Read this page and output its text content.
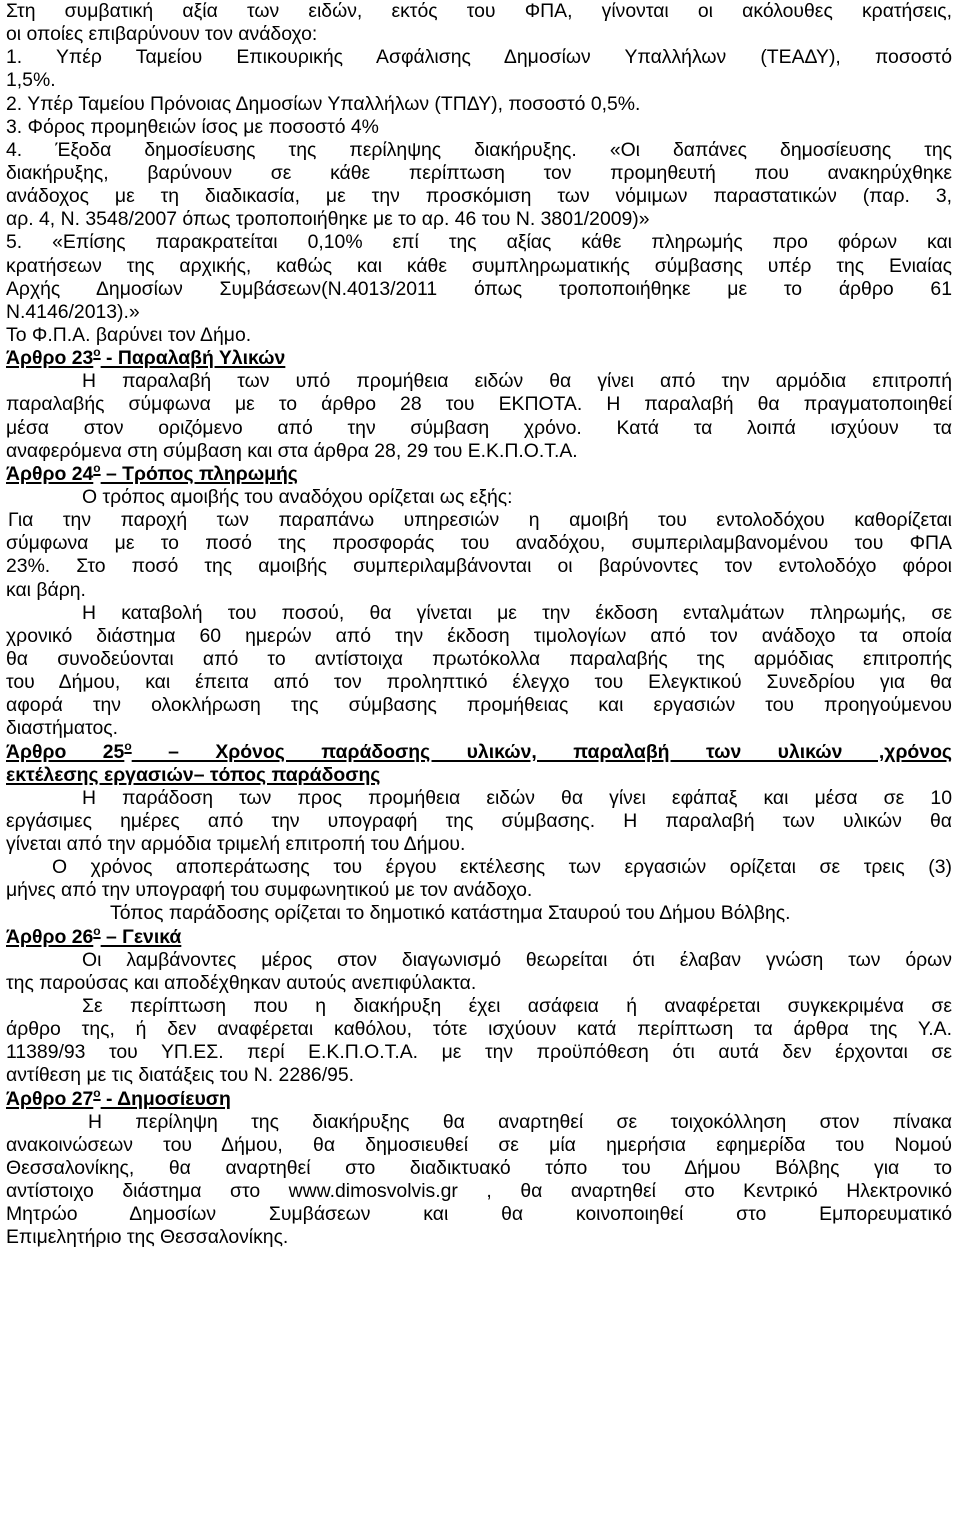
Στη συμβατική αξία των ειδών, εκτός του ΦΠΑ, γίνονται οι ακόλουθες κρατήσεις,
οι οποίες επιβαρύνουν τον ανάδοχο:
1. Υπέρ Ταμείου Επικουρικής Ασφάλισης Δημοσίων Υπαλλήλων (ΤΕΑΔΥ), ποσοστό
1,5%.
2. Υπέρ Ταμείου Πρόνοιας Δημοσίων Υπαλλήλων (ΤΠΔΥ), ποσοστό 0,5%.
3. Φόρος προμηθειών ίσος με ποσοστό 4%
4. Έξοδα δημοσίευσης της περίληψης διακήρυξης. «Οι δαπάνες δημοσίευσης της
διακήρυξης, βαρύνουν σε κάθε περίπτωση τον προμηθευτή που ανακηρύχθηκε
ανάδοχος με τη διαδικασία, με την προσκόμιση των νόμιμων παραστατικών (παρ. 3,
αρ. 4, Ν. 3548/2007 όπως τροποποιήθηκε με το αρ. 46 του Ν. 3801/2009)»
5. «Επίσης παρακρατείται 0,10% επί της αξίας κάθε πληρωμής προ φόρων και
κρατήσεων της αρχικής, καθώς και κάθε συμπληρωματικής σύμβασης υπέρ της Ενιαίας
Αρχής Δημοσίων Συμβάσεων(Ν.4013/2011 όπως τροποποιήθηκε με το άρθρο 61
Ν.4146/2013).»
Το Φ.Π.Α. βαρύνει τον Δήμο.
Άρθρο $23^o$ - Παραλαβή Υλικών
Η παραλαβή των υπό προμήθεια ειδών θα γίνει από την αρμόδια επιτροπή
παραλαβής σύμφωνα με το άρθρο 28 του ΕΚΠΟΤΑ. Η παραλαβή θα πραγματοποιηθεί
μέσα στον οριζόμενο από την σύμβαση χρόνο. Κατά τα λοιπά ισχύουν τα
αναφερόμενα στη σύμβαση και στα άρθρα 28, 29 του Ε.Κ.Π.Ο.Τ.Α.
Άρθρο $24^o$ – Τρόπος πληρωμής
Ο τρόπος αμοιβής του αναδόχου ορίζεται ως εξής:
Για την παροχή των παραπάνω υπηρεσιών η αμοιβή του εντολοδόχου καθορίζεται
σύμφωνα με το ποσό της προσφοράς του αναδόχου, συμπεριλαμβανομένου του ΦΠΑ
23%. Στο ποσό της αμοιβής συμπεριλαμβάνονται οι βαρύνοντες τον εντολοδόχο φόροι
και βάρη.
Η καταβολή του ποσού, θα γίνεται με την έκδοση ενταλμάτων πληρωμής, σε
χρονικό διάστημα 60 ημερών από την έκδοση τιμολογίων από τον ανάδοχο τα οποία
θα συνοδεύονται από το αντίστοιχα πρωτόκολλα παραλαβής της αρμόδιας επιτροπής
του Δήμου, και έπειτα από τον προληπτικό έλεγχο του Ελεγκτικού Συνεδρίου για θα
αφορά την ολοκλήρωση της σύμβασης προμήθειας και εργασιών του προηγούμενου
διαστήματος.
Άρθρο $25^o$ – Χρόνος παράδοσης υλικών, παραλαβή των υλικών ,χρόνος
εκτέλεσης εργασιών– τόπος παράδοσης
Η παράδοση των προς προμήθεια ειδών θα γίνει εφάπαξ και μέσα σε 10
εργάσιμες ημέρες από την υπογραφή της σύμβασης. Η παραλαβή των υλικών θα
γίνεται από την αρμόδια τριμελή επιτροπή του Δήμου.
Ο χρόνος αποπεράτωσης του έργου εκτέλεσης των εργασιών ορίζεται σε τρεις (3)
μήνες από την υπογραφή του συμφωνητικού με τον ανάδοχο.
Τόπος παράδοσης ορίζεται το δημοτικό κατάστημα Σταυρού του Δήμου Βόλβης.
Άρθρο $26^o$ – Γενικά
Οι λαμβάνοντες μέρος στον διαγωνισμό θεωρείται ότι έλαβαν γνώση των όρων
της παρούσας και αποδέχθηκαν αυτούς ανεπιφύλακτα.
Σε περίπτωση που η διακήρυξη έχει ασάφεια ή αναφέρεται συγκεκριμένα σε
άρθρο της, ή δεν αναφέρεται καθόλου, τότε ισχύουν κατά περίπτωση τα άρθρα της Υ.Α.
11389/93 του ΥΠ.ΕΣ. περί Ε.Κ.Π.Ο.Τ.Α. με την προϋπόθεση ότι αυτά δεν έρχονται σε
αντίθεση με τις διατάξεις του Ν. 2286/95.
Άρθρο $27^o$ - Δημοσίευση
Η περίληψη της διακήρυξης θα αναρτηθεί σε τοιχοκόλληση στον πίνακα
ανακοινώσεων του Δήμου, θα δημοσιευθεί σε μία ημερήσια εφημερίδα του Νομού
Θεσσαλονίκης, θα αναρτηθεί στο διαδικτυακό τόπο του Δήμου Βόλβης για το
αντίστοιχο διάστημα στο www.dimosvolvis.gr , θα αναρτηθεί στο Κεντρικό Ηλεκτρονικό
Μητρώο Δημοσίων Συμβάσεων και θα κοινοποιηθεί στο Εμπορευματικό
Επιμελητήριο της Θεσσαλονίκης.
